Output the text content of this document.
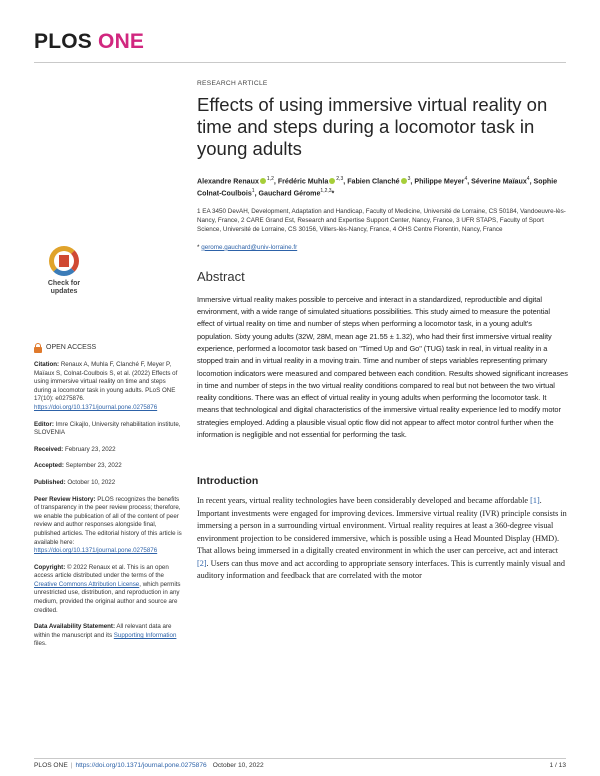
PLOS ONE
Check for updates
OPEN ACCESS
Citation: Renaux A, Muhla F, Clanché F, Meyer P, Maïaux S, Colnat-Coulbois S, et al. (2022) Effects of using immersive virtual reality on time and steps during a locomotor task in young adults. PLoS ONE 17(10): e0275876. https://doi.org/10.1371/journal.pone.0275876
Editor: Imre Cikajlo, University rehabilitation institute, SLOVENIA
Received: February 23, 2022
Accepted: September 23, 2022
Published: October 10, 2022
Peer Review History: PLOS recognizes the benefits of transparency in the peer review process; therefore, we enable the publication of all of the content of peer review and author responses alongside final, published articles. The editorial history of this article is available here: https://doi.org/10.1371/journal.pone.0275876
Copyright: © 2022 Renaux et al. This is an open access article distributed under the terms of the Creative Commons Attribution License, which permits unrestricted use, distribution, and reproduction in any medium, provided the original author and source are credited.
Data Availability Statement: All relevant data are within the manuscript and its Supporting Information files.
RESEARCH ARTICLE
Effects of using immersive virtual reality on time and steps during a locomotor task in young adults
Alexandre Renaux $^{1,2}$, Frédéric Muhla $^{2,3}$, Fabien Clanché $^3$, Philippe Meyer$^4$, Séverine Maïaux$^4$, Sophie Colnat-Coulbois$^1$, Gauchard Gérome$^{1,2,3}$*
1 EA 3450 DevAH, Development, Adaptation and Handicap, Faculty of Medicine, Université de Lorraine, CS 50184, Vandoeuvre-lès-Nancy, France, 2 CARE Grand Est, Research and Expertise Support Center, Nancy, France, 3 UFR STAPS, Faculty of Sport Science, Université de Lorraine, CS 30156, Villers-lès-Nancy, France, 4 OHS Centre Florentin, Nancy, France
* gerome.gauchard@univ-lorraine.fr
Abstract

Immersive virtual reality makes possible to perceive and interact in a standardized, reproductible and digital environment, with a wide range of simulated situations possibilities. This study aimed to measure the potential effect of virtual reality on time and number of steps when performing a locomotor task, in a young adult's population. Sixty young adults (32W, 28M, mean age 21.55 ± 1.32), who had their first immersive virtual reality experience, performed a locomotor task based on "Timed Up and Go" (TUG) task in real, in virtual reality in a stopped train and in virtual reality in a moving train. Time and number of steps variables representing primary locomotion indicators were measured and compared between each condition. Results showed significant increases in time and number of steps in the two virtual reality conditions compared to real but not between the two virtual reality conditions. There was an effect of virtual reality in young adults when performing the locomotor task. It means that technological and digital characteristics of the immersive virtual reality experience led to modify motor strategies employed. Adding a plausible visual optic flow did not appear to affect motor control further when the information is negligible and not essential for performing the task.

Introduction

In recent years, virtual reality technologies have been considerably developed and became affordable [1]. Important investments were engaged for improving devices. Immersive virtual reality (IVR) principle consists in immersing a person in a surrounding virtual environment. Virtual reality requires at least a 360-degree visual environment projection to be considered immersive, which is possible using a Head Mounted Display (HMD). That allows being immersed in a digitally created environment in which the user can perceive, act and interact [2]. Users can thus move and act according to appropriate sensory interfaces. This is currently mainly visual and auditory information and feedback that are correlated with the motor

PLOS ONE | https://doi.org/10.1371/journal.pone.0275876 October 10, 2022	1 / 13
